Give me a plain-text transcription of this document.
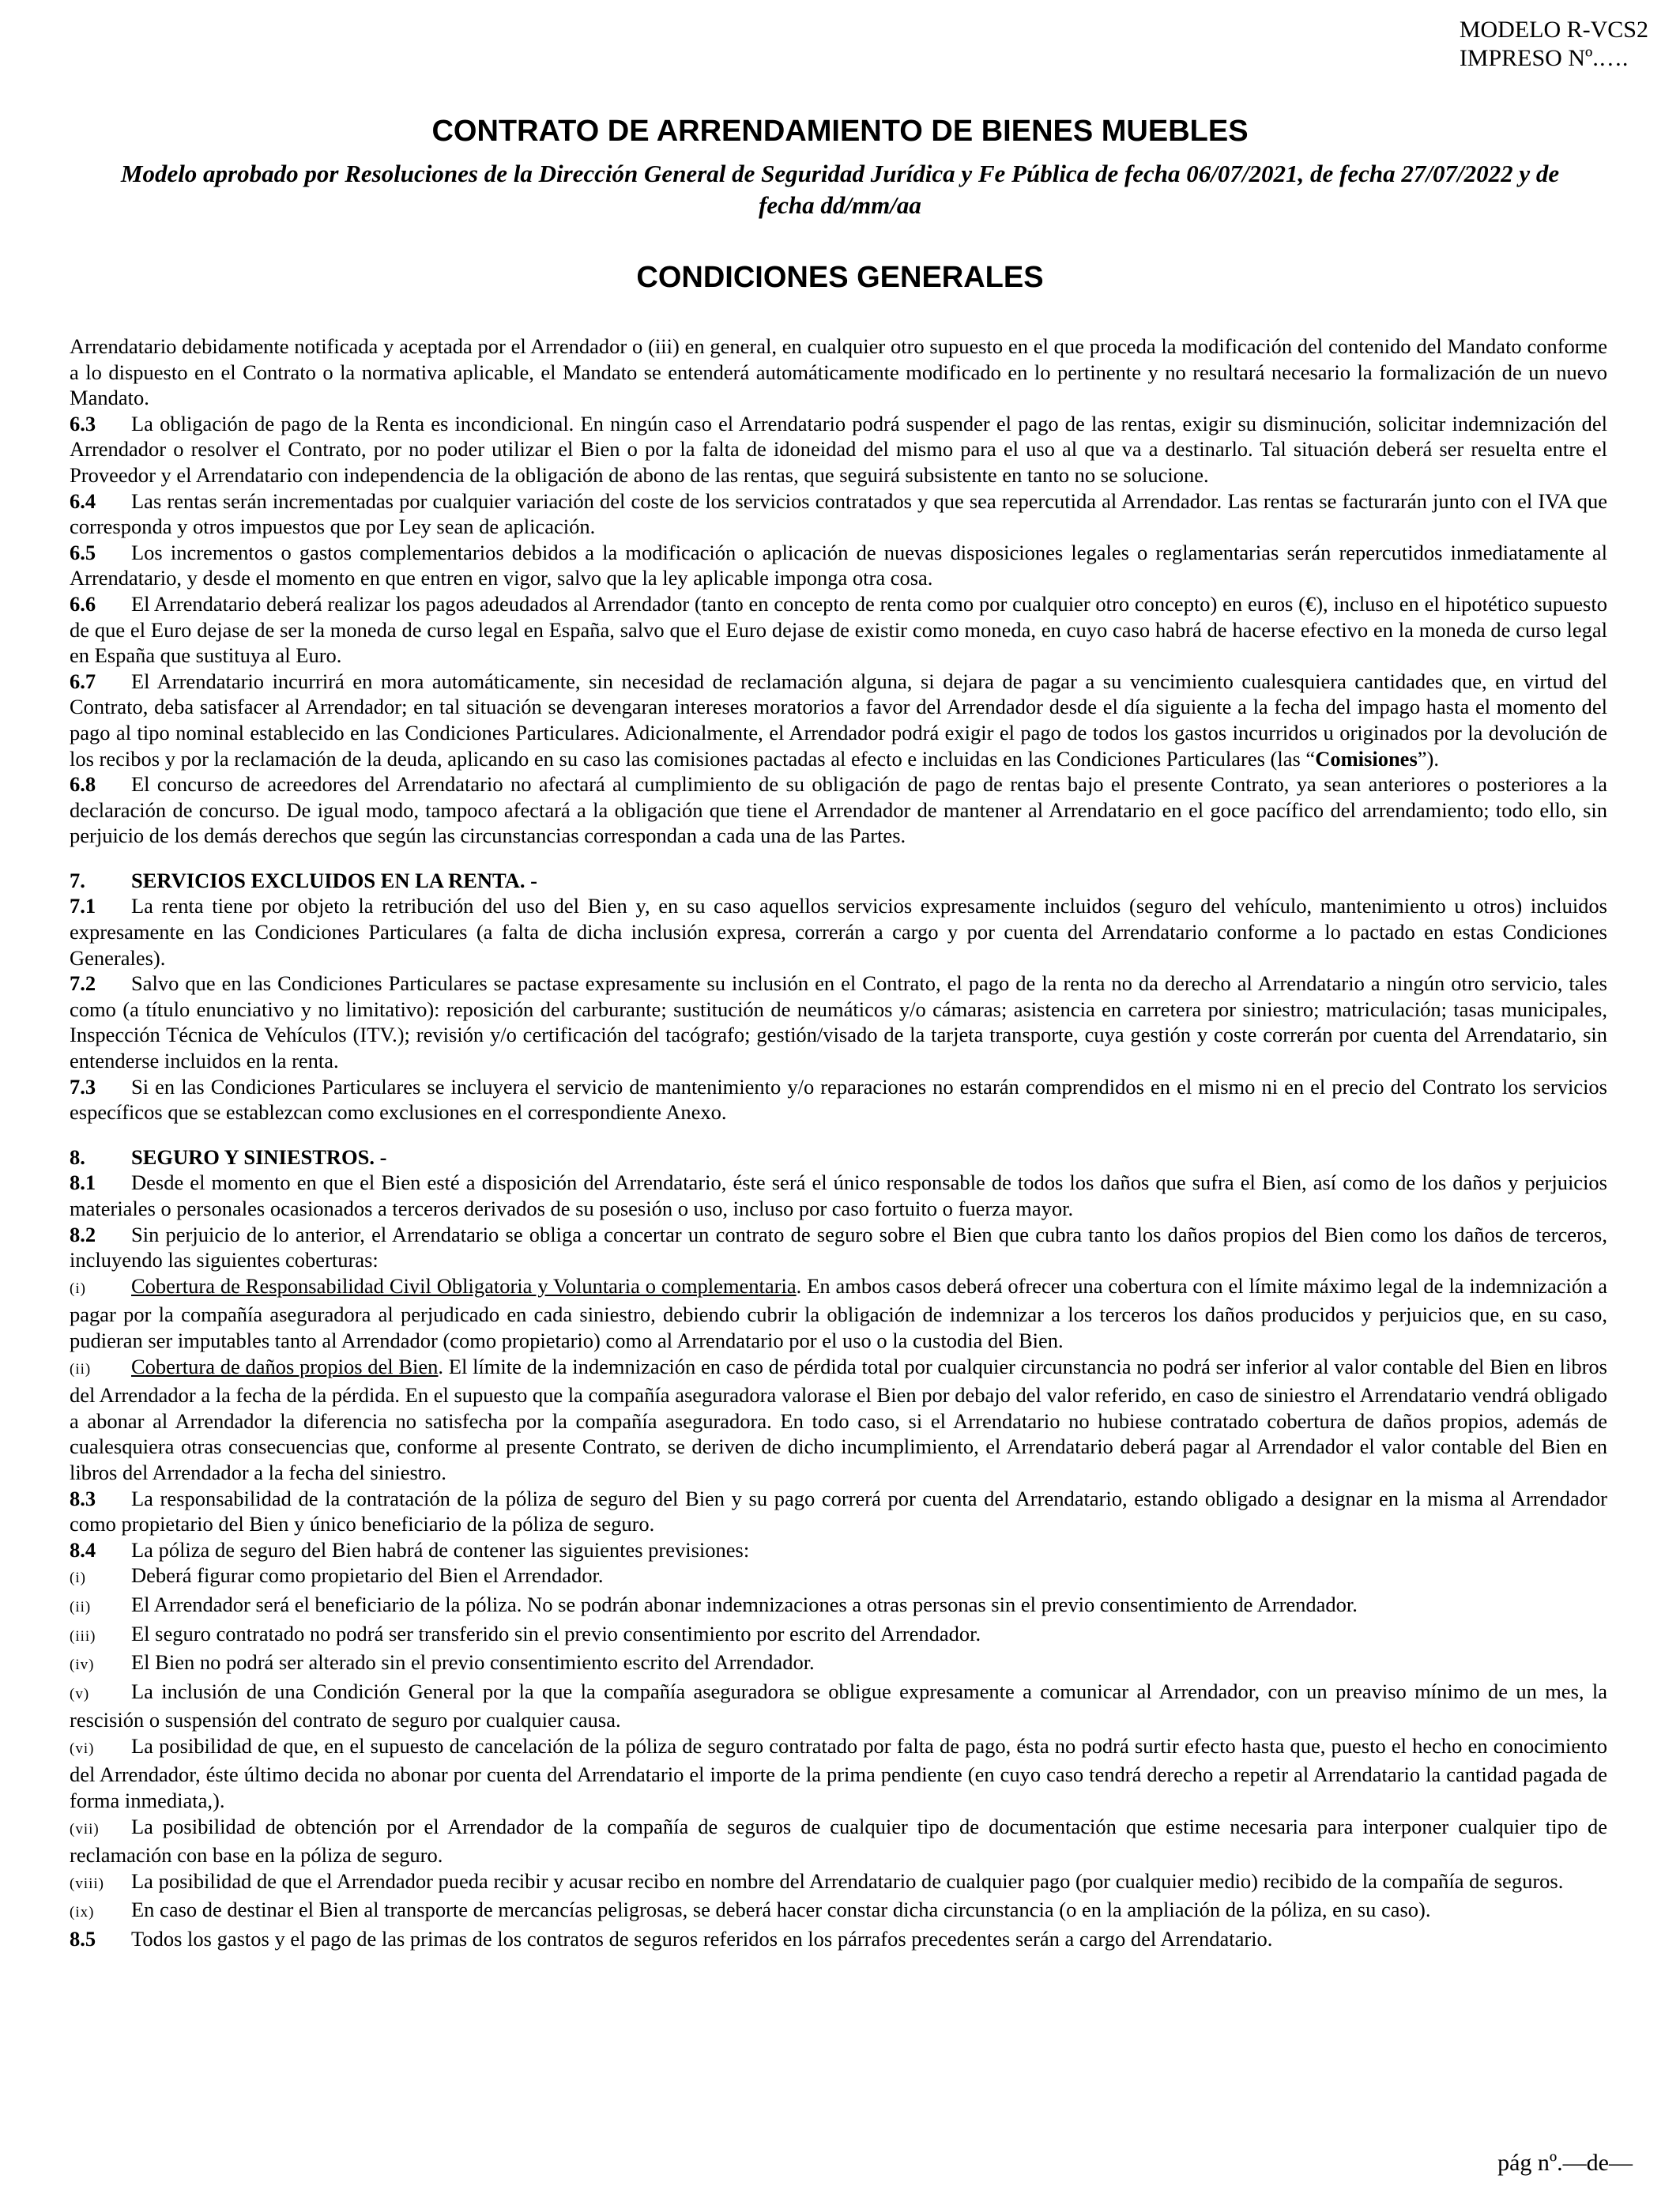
MODELO R-VCS2
IMPRESO Nº.….
CONTRATO DE ARRENDAMIENTO DE BIENES MUEBLES
Modelo aprobado por Resoluciones de la Dirección General de Seguridad Jurídica y Fe Pública de fecha 06/07/2021, de fecha 27/07/2022 y de fecha dd/mm/aa
CONDICIONES GENERALES

Arrendatario debidamente notificada y aceptada por el Arrendador o (iii) en general, en cualquier otro supuesto en el que proceda la modificación del contenido del Mandato conforme a lo dispuesto en el Contrato o la normativa aplicable, el Mandato se entenderá automáticamente modificado en lo pertinente y no resultará necesario la formalización de un nuevo Mandato.

6.3 La obligación de pago de la Renta es incondicional. En ningún caso el Arrendatario podrá suspender el pago de las rentas, exigir su disminución, solicitar indemnización del Arrendador o resolver el Contrato, por no poder utilizar el Bien o por la falta de idoneidad del mismo para el uso al que va a destinarlo. Tal situación deberá ser resuelta entre el Proveedor y el Arrendatario con independencia de la obligación de abono de las rentas, que seguirá subsistente en tanto no se solucione.

6.4 Las rentas serán incrementadas por cualquier variación del coste de los servicios contratados y que sea repercutida al Arrendador. Las rentas se facturarán junto con el IVA que corresponda y otros impuestos que por Ley sean de aplicación.

6.5 Los incrementos o gastos complementarios debidos a la modificación o aplicación de nuevas disposiciones legales o reglamentarias serán repercutidos inmediatamente al Arrendatario, y desde el momento en que entren en vigor, salvo que la ley aplicable imponga otra cosa.

6.6 El Arrendatario deberá realizar los pagos adeudados al Arrendador (tanto en concepto de renta como por cualquier otro concepto) en euros (€), incluso en el hipotético supuesto de que el Euro dejase de ser la moneda de curso legal en España, salvo que el Euro dejase de existir como moneda, en cuyo caso habrá de hacerse efectivo en la moneda de curso legal en España que sustituya al Euro.

6.7 El Arrendatario incurrirá en mora automáticamente, sin necesidad de reclamación alguna, si dejara de pagar a su vencimiento cualesquiera cantidades que, en virtud del Contrato, deba satisfacer al Arrendador; en tal situación se devengaran intereses moratorios a favor del Arrendador desde el día siguiente a la fecha del impago hasta el momento del pago al tipo nominal establecido en las Condiciones Particulares. Adicionalmente, el Arrendador podrá exigir el pago de todos los gastos incurridos u originados por la devolución de los recibos y por la reclamación de la deuda, aplicando en su caso las comisiones pactadas al efecto e incluidas en las Condiciones Particulares (las “Comisiones”).

6.8 El concurso de acreedores del Arrendatario no afectará al cumplimiento de su obligación de pago de rentas bajo el presente Contrato, ya sean anteriores o posteriores a la declaración de concurso. De igual modo, tampoco afectará a la obligación que tiene el Arrendador de mantener al Arrendatario en el goce pacífico del arrendamiento; todo ello, sin perjuicio de los demás derechos que según las circunstancias correspondan a cada una de las Partes.

7. SERVICIOS EXCLUIDOS EN LA RENTA. -

7.1 La renta tiene por objeto la retribución del uso del Bien y, en su caso aquellos servicios expresamente incluidos (seguro del vehículo, mantenimiento u otros) incluidos expresamente en las Condiciones Particulares (a falta de dicha inclusión expresa, correrán a cargo y por cuenta del Arrendatario conforme a lo pactado en estas Condiciones Generales).

7.2 Salvo que en las Condiciones Particulares se pactase expresamente su inclusión en el Contrato, el pago de la renta no da derecho al Arrendatario a ningún otro servicio, tales como (a título enunciativo y no limitativo): reposición del carburante; sustitución de neumáticos y/o cámaras; asistencia en carretera por siniestro; matriculación; tasas municipales, Inspección Técnica de Vehículos (ITV.); revisión y/o certificación del tacógrafo; gestión/visado de la tarjeta transporte, cuya gestión y coste correrán por cuenta del Arrendatario, sin entenderse incluidos en la renta.

7.3 Si en las Condiciones Particulares se incluyera el servicio de mantenimiento y/o reparaciones no estarán comprendidos en el mismo ni en el precio del Contrato los servicios específicos que se establezcan como exclusiones en el correspondiente Anexo.

8. SEGURO Y SINIESTROS. -

8.1 Desde el momento en que el Bien esté a disposición del Arrendatario, éste será el único responsable de todos los daños que sufra el Bien, así como de los daños y perjuicios materiales o personales ocasionados a terceros derivados de su posesión o uso, incluso por caso fortuito o fuerza mayor.

8.2 Sin perjuicio de lo anterior, el Arrendatario se obliga a concertar un contrato de seguro sobre el Bien que cubra tanto los daños propios del Bien como los daños de terceros, incluyendo las siguientes coberturas:

(i) Cobertura de Responsabilidad Civil Obligatoria y Voluntaria o complementaria. En ambos casos deberá ofrecer una cobertura con el límite máximo legal de la indemnización a pagar por la compañía aseguradora al perjudicado en cada siniestro, debiendo cubrir la obligación de indemnizar a los terceros los daños producidos y perjuicios que, en su caso, pudieran ser imputables tanto al Arrendador (como propietario) como al Arrendatario por el uso o la custodia del Bien.

(ii) Cobertura de daños propios del Bien. El límite de la indemnización en caso de pérdida total por cualquier circunstancia no podrá ser inferior al valor contable del Bien en libros del Arrendador a la fecha de la pérdida. En el supuesto que la compañía aseguradora valorase el Bien por debajo del valor referido, en caso de siniestro el Arrendatario vendrá obligado a abonar al Arrendador la diferencia no satisfecha por la compañía aseguradora. En todo caso, si el Arrendatario no hubiese contratado cobertura de daños propios, además de cualesquiera otras consecuencias que, conforme al presente Contrato, se deriven de dicho incumplimiento, el Arrendatario deberá pagar al Arrendador el valor contable del Bien en libros del Arrendador a la fecha del siniestro.

8.3 La responsabilidad de la contratación de la póliza de seguro del Bien y su pago correrá por cuenta del Arrendatario, estando obligado a designar en la misma al Arrendador como propietario del Bien y único beneficiario de la póliza de seguro.

8.4 La póliza de seguro del Bien habrá de contener las siguientes previsiones:

(i) Deberá figurar como propietario del Bien el Arrendador.

(ii) El Arrendador será el beneficiario de la póliza. No se podrán abonar indemnizaciones a otras personas sin el previo consentimiento de Arrendador.

(iii) El seguro contratado no podrá ser transferido sin el previo consentimiento por escrito del Arrendador.

(iv) El Bien no podrá ser alterado sin el previo consentimiento escrito del Arrendador.

(v) La inclusión de una Condición General por la que la compañía aseguradora se obligue expresamente a comunicar al Arrendador, con un preaviso mínimo de un mes, la rescisión o suspensión del contrato de seguro por cualquier causa.

(vi) La posibilidad de que, en el supuesto de cancelación de la póliza de seguro contratado por falta de pago, ésta no podrá surtir efecto hasta que, puesto el hecho en conocimiento del Arrendador, éste último decida no abonar por cuenta del Arrendatario el importe de la prima pendiente (en cuyo caso tendrá derecho a repetir al Arrendatario la cantidad pagada de forma inmediata,).

(vii) La posibilidad de obtención por el Arrendador de la compañía de seguros de cualquier tipo de documentación que estime necesaria para interponer cualquier tipo de reclamación con base en la póliza de seguro.

(viii) La posibilidad de que el Arrendador pueda recibir y acusar recibo en nombre del Arrendatario de cualquier pago (por cualquier medio) recibido de la compañía de seguros.

(ix) En caso de destinar el Bien al transporte de mercancías peligrosas, se deberá hacer constar dicha circunstancia (o en la ampliación de la póliza, en su caso).

8.5 Todos los gastos y el pago de las primas de los contratos de seguros referidos en los párrafos precedentes serán a cargo del Arrendatario.

pág nº.—de—
